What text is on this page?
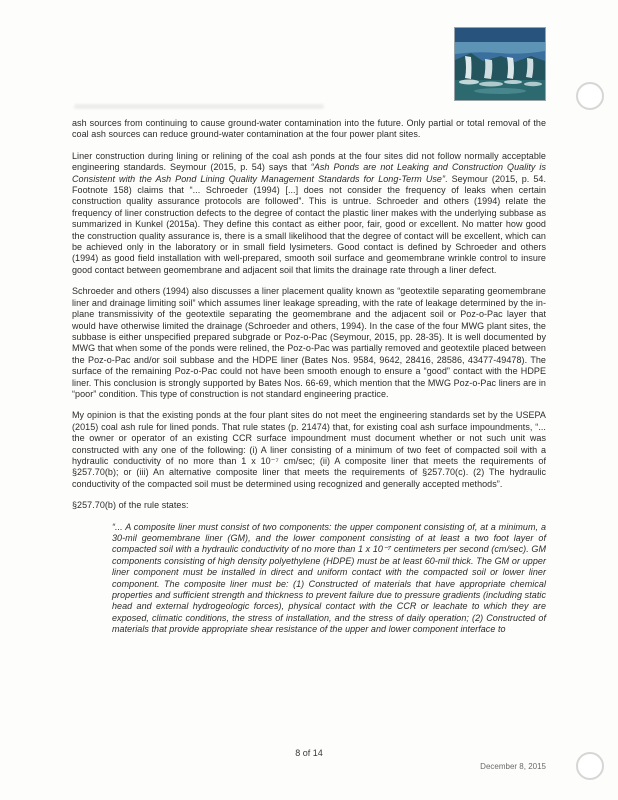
ash sources from continuing to cause ground-water contamination into the future. Only partial or total removal of the coal ash sources can reduce ground-water contamination at the four power plant sites.

Liner construction during lining or relining of the coal ash ponds at the four sites did not follow normally acceptable engineering standards. Seymour (2015, p. 54) says that “Ash Ponds are not Leaking and Construction Quality is Consistent with the Ash Pond Lining Quality Management Standards for Long-Term Use”. Seymour (2015, p. 54. Footnote 158) claims that “... Schroeder (1994) [...] does not consider the frequency of leaks when certain construction quality assurance protocols are followed”. This is untrue. Schroeder and others (1994) relate the frequency of liner construction defects to the degree of contact the plastic liner makes with the underlying subbase as summarized in Kunkel (2015a). They define this contact as either poor, fair, good or excellent. No matter how good the construction quality assurance is, there is a small likelihood that the degree of contact will be excellent, which can be achieved only in the laboratory or in small field lysimeters. Good contact is defined by Schroeder and others (1994) as good field installation with well-prepared, smooth soil surface and geomembrane wrinkle control to insure good contact between geomembrane and adjacent soil that limits the drainage rate through a liner defect.

Schroeder and others (1994) also discusses a liner placement quality known as “geotextile separating geomembrane liner and drainage limiting soil” which assumes liner leakage spreading, with the rate of leakage determined by the in-plane transmissivity of the geotextile separating the geomembrane and the adjacent soil or Poz-o-Pac layer that would have otherwise limited the drainage (Schroeder and others, 1994). In the case of the four MWG plant sites, the subbase is either unspecified prepared subgrade or Poz-o-Pac (Seymour, 2015, pp. 28-35). It is well documented by MWG that when some of the ponds were relined, the Poz-o-Pac was partially removed and geotextile placed between the Poz-o-Pac and/or soil subbase and the HDPE liner (Bates Nos. 9584, 9642, 28416, 28586, 43477-49478). The surface of the remaining Poz-o-Pac could not have been smooth enough to ensure a “good” contact with the HDPE liner. This conclusion is strongly supported by Bates Nos. 66-69, which mention that the MWG Poz-o-Pac liners are in “poor” condition. This type of construction is not standard engineering practice.

My opinion is that the existing ponds at the four plant sites do not meet the engineering standards set by the USEPA (2015) coal ash rule for lined ponds. That rule states (p. 21474) that, for existing coal ash surface impoundments, “... the owner or operator of an existing CCR surface impoundment must document whether or not such unit was constructed with any one of the following: (i) A liner consisting of a minimum of two feet of compacted soil with a hydraulic conductivity of no more than 1 x 10⁻⁷ cm/sec; (ii) A composite liner that meets the requirements of §257.70(b); or (iii) An alternative composite liner that meets the requirements of §257.70(c). (2) The hydraulic conductivity of the compacted soil must be determined using recognized and generally accepted methods”.

§257.70(b) of the rule states:

“... A composite liner must consist of two components: the upper component consisting of, at a minimum, a 30-mil geomembrane liner (GM), and the lower component consisting of at least a two foot layer of compacted soil with a hydraulic conductivity of no more than 1 x 10⁻⁷ centimeters per second (cm/sec). GM components consisting of high density polyethylene (HDPE) must be at least 60-mil thick. The GM or upper liner component must be installed in direct and uniform contact with the compacted soil or lower liner component. The composite liner must be: (1) Constructed of materials that have appropriate chemical properties and sufficient strength and thickness to prevent failure due to pressure gradients (including static head and external hydrogeologic forces), physical contact with the CCR or leachate to which they are exposed, climatic conditions, the stress of installation, and the stress of daily operation; (2) Constructed of materials that provide appropriate shear resistance of the upper and lower component interface to

8 of 14
December 8, 2015
